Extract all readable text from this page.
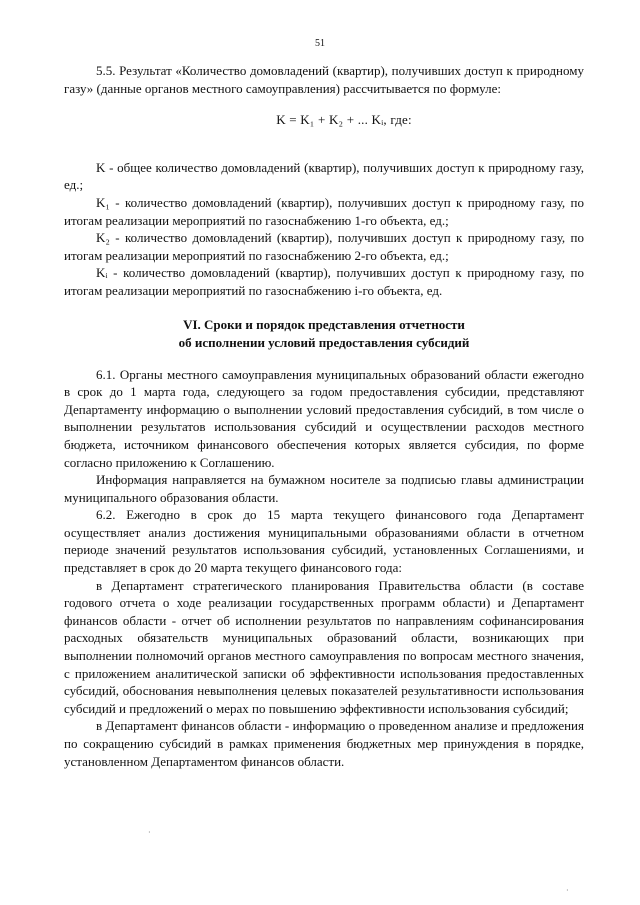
51

5.5. Результат «Количество домовладений (квартир), получивших доступ к природному газу» (данные органов местного самоуправления) рассчитывается по формуле:

K = K₁ + K₂ + ... Kᵢ, где:

K - общее количество домовладений (квартир), получивших доступ к природному газу, ед.;

K₁ - количество домовладений (квартир), получивших доступ к природному газу, по итогам реализации мероприятий по газоснабжению 1-го объекта, ед.;

K₂ - количество домовладений (квартир), получивших доступ к природному газу, по итогам реализации мероприятий по газоснабжению 2-го объекта, ед.;

Kᵢ - количество домовладений (квартир), получивших доступ к природному газу, по итогам реализации мероприятий по газоснабжению i-го объекта, ед.

VI. Сроки и порядок представления отчетности
об исполнении условий предоставления субсидий

6.1. Органы местного самоуправления муниципальных образований области ежегодно в срок до 1 марта года, следующего за годом предоставления субсидии, представляют Департаменту информацию о выполнении условий предоставления субсидий, в том числе о выполнении результатов использования субсидий и осуществлении расходов местного бюджета, источником финансового обеспечения которых является субсидия, по форме согласно приложению к Соглашению.

Информация направляется на бумажном носителе за подписью главы администрации муниципального образования области.

6.2. Ежегодно в срок до 15 марта текущего финансового года Департамент осуществляет анализ достижения муниципальными образованиями области в отчетном периоде значений результатов использования субсидий, установленных Соглашениями, и представляет в срок до 20 марта текущего финансового года:

в Департамент стратегического планирования Правительства области (в составе годового отчета о ходе реализации государственных программ области) и Департамент финансов области - отчет об исполнении результатов по направлениям софинансирования расходных обязательств муниципальных образований области, возникающих при выполнении полномочий органов местного самоуправления по вопросам местного значения, с приложением аналитической записки об эффективности использования предоставленных субсидий, обоснования невыполнения целевых показателей результативности использования субсидий и предложений о мерах по повышению эффективности использования субсидий;

в Департамент финансов области - информацию о проведенном анализе и предложения по сокращению субсидий в рамках применения бюджетных мер принуждения в порядке, установленном Департаментом финансов области.

·
·
